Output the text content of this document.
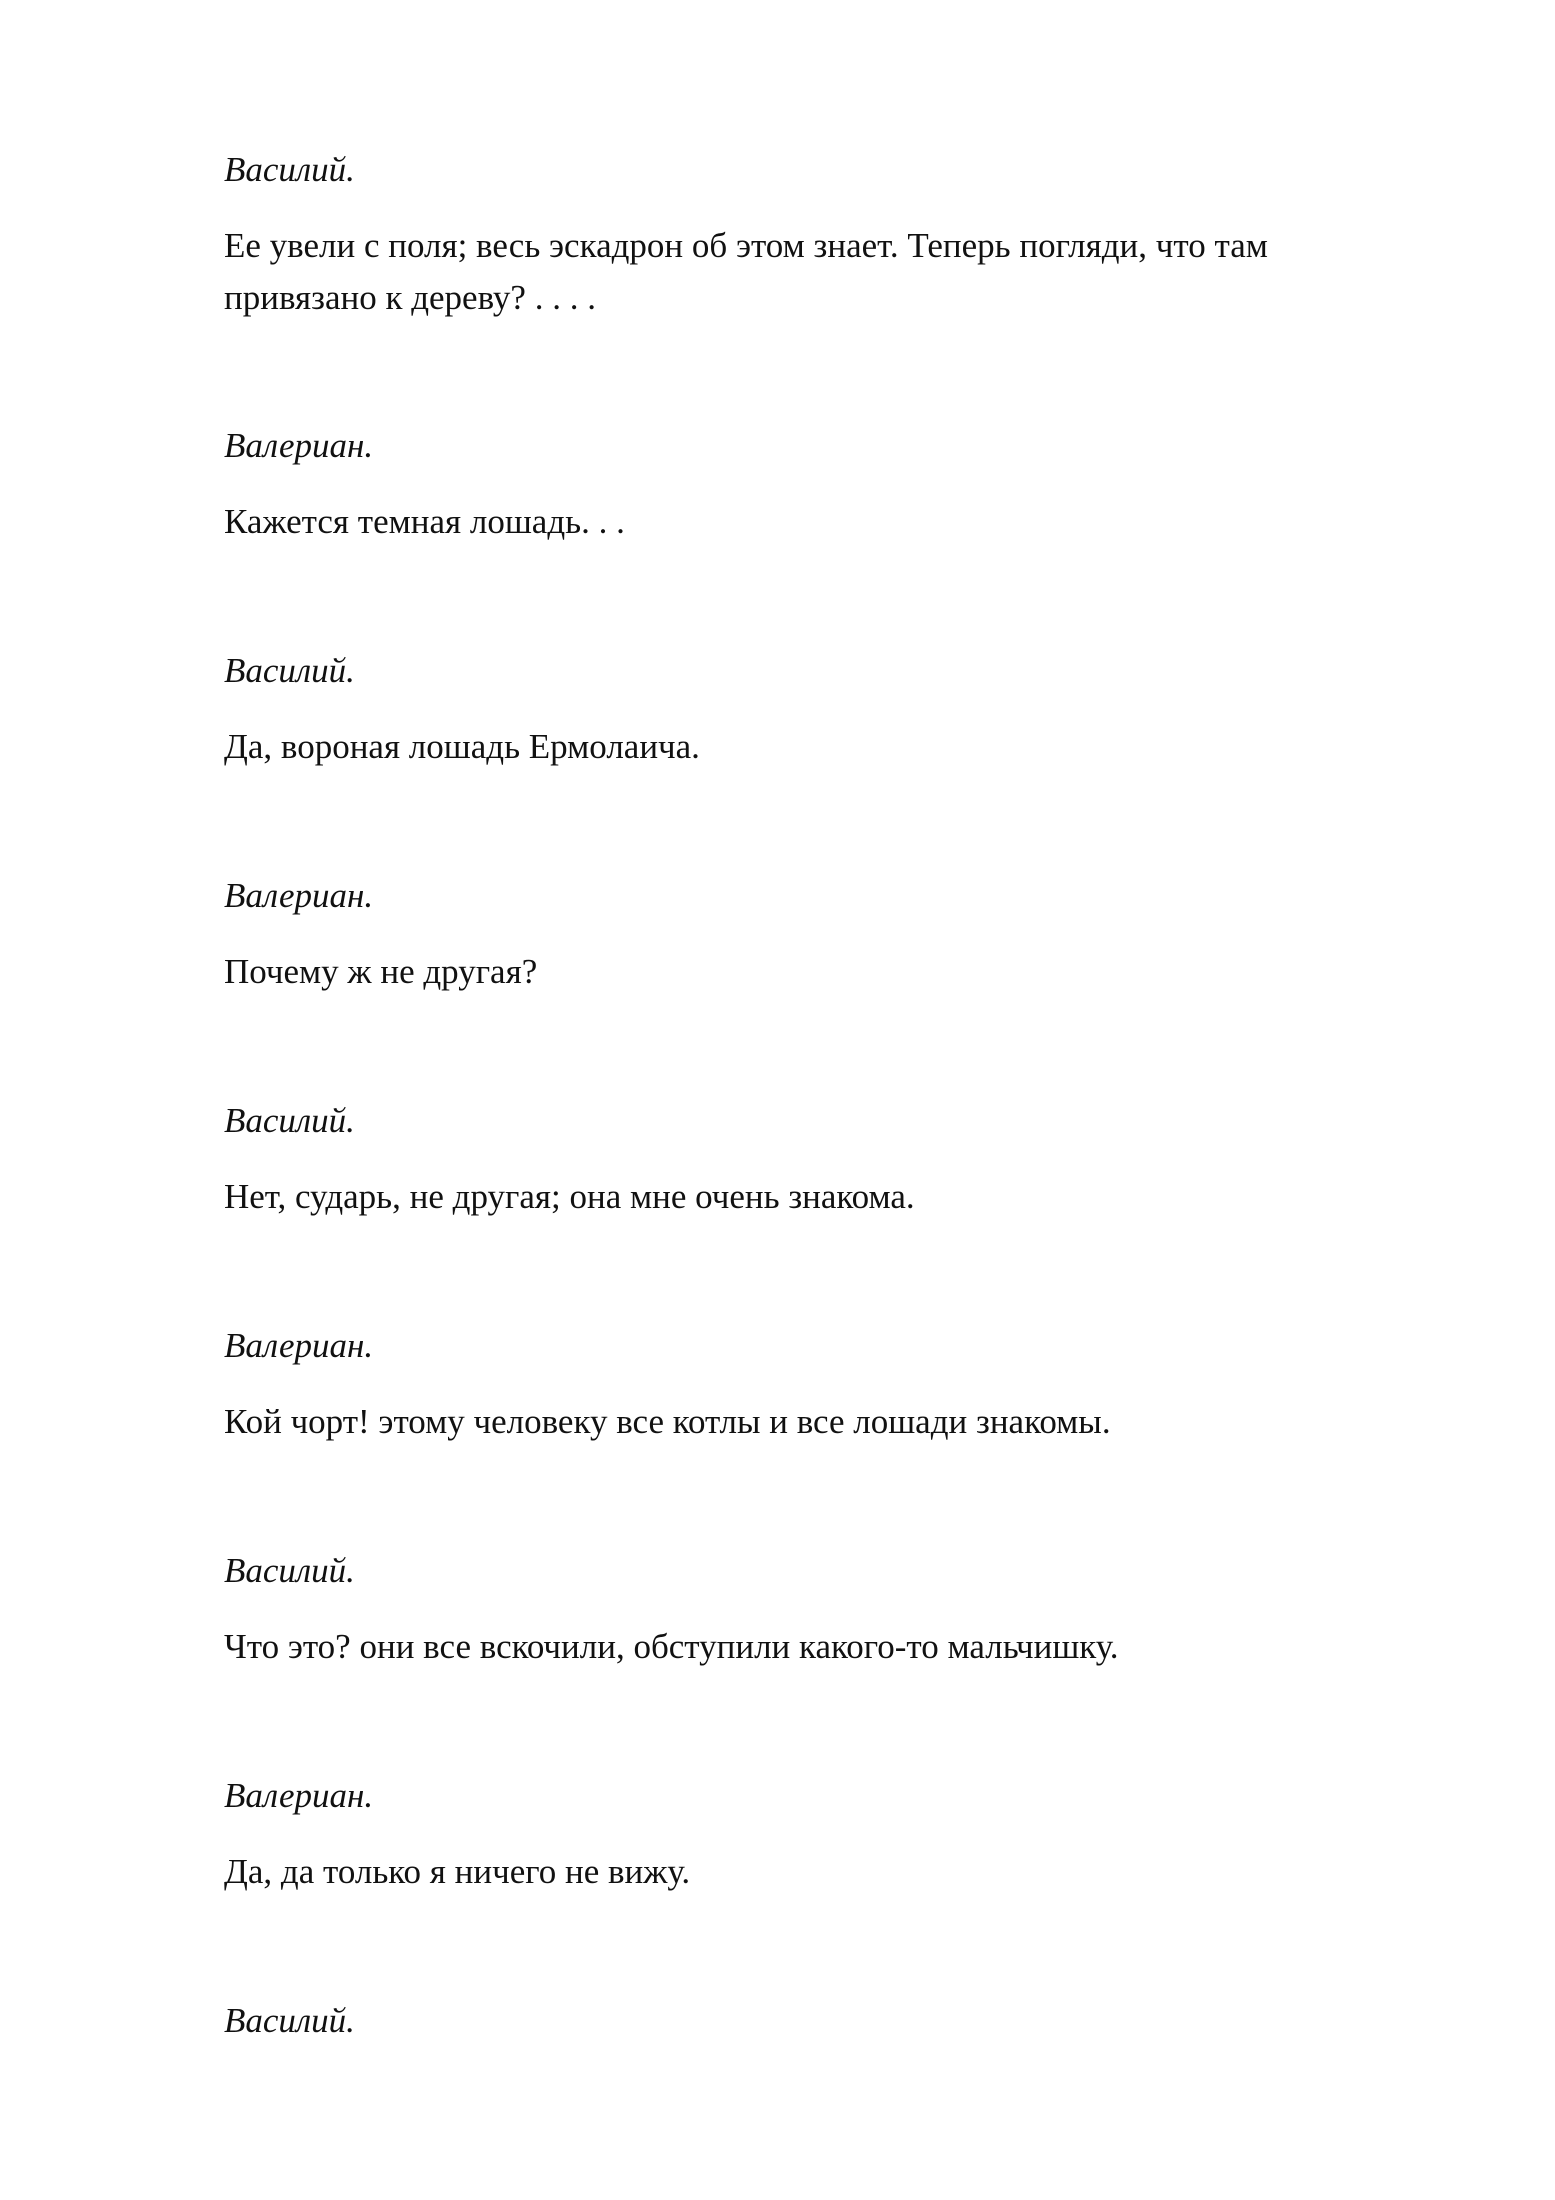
Василий.

Ее увели с поля; весь эскадрон об этом знает. Теперь погляди, что там

привязано к дереву? . . . .

Валериан.

Кажется темная лошадь. . .

Василий.

Да, вороная лошадь Ермолаича.

Валериан.

Почему ж не другая?

Василий.

Нет, сударь, не другая; она мне очень знакома.

Валериан.

Кой чорт! этому человеку все котлы и все лошади знакомы.

Василий.

Что это? они все вскочили, обступили какого-то мальчишку.

Валериан.

Да, да только я ничего не вижу.

Василий.
